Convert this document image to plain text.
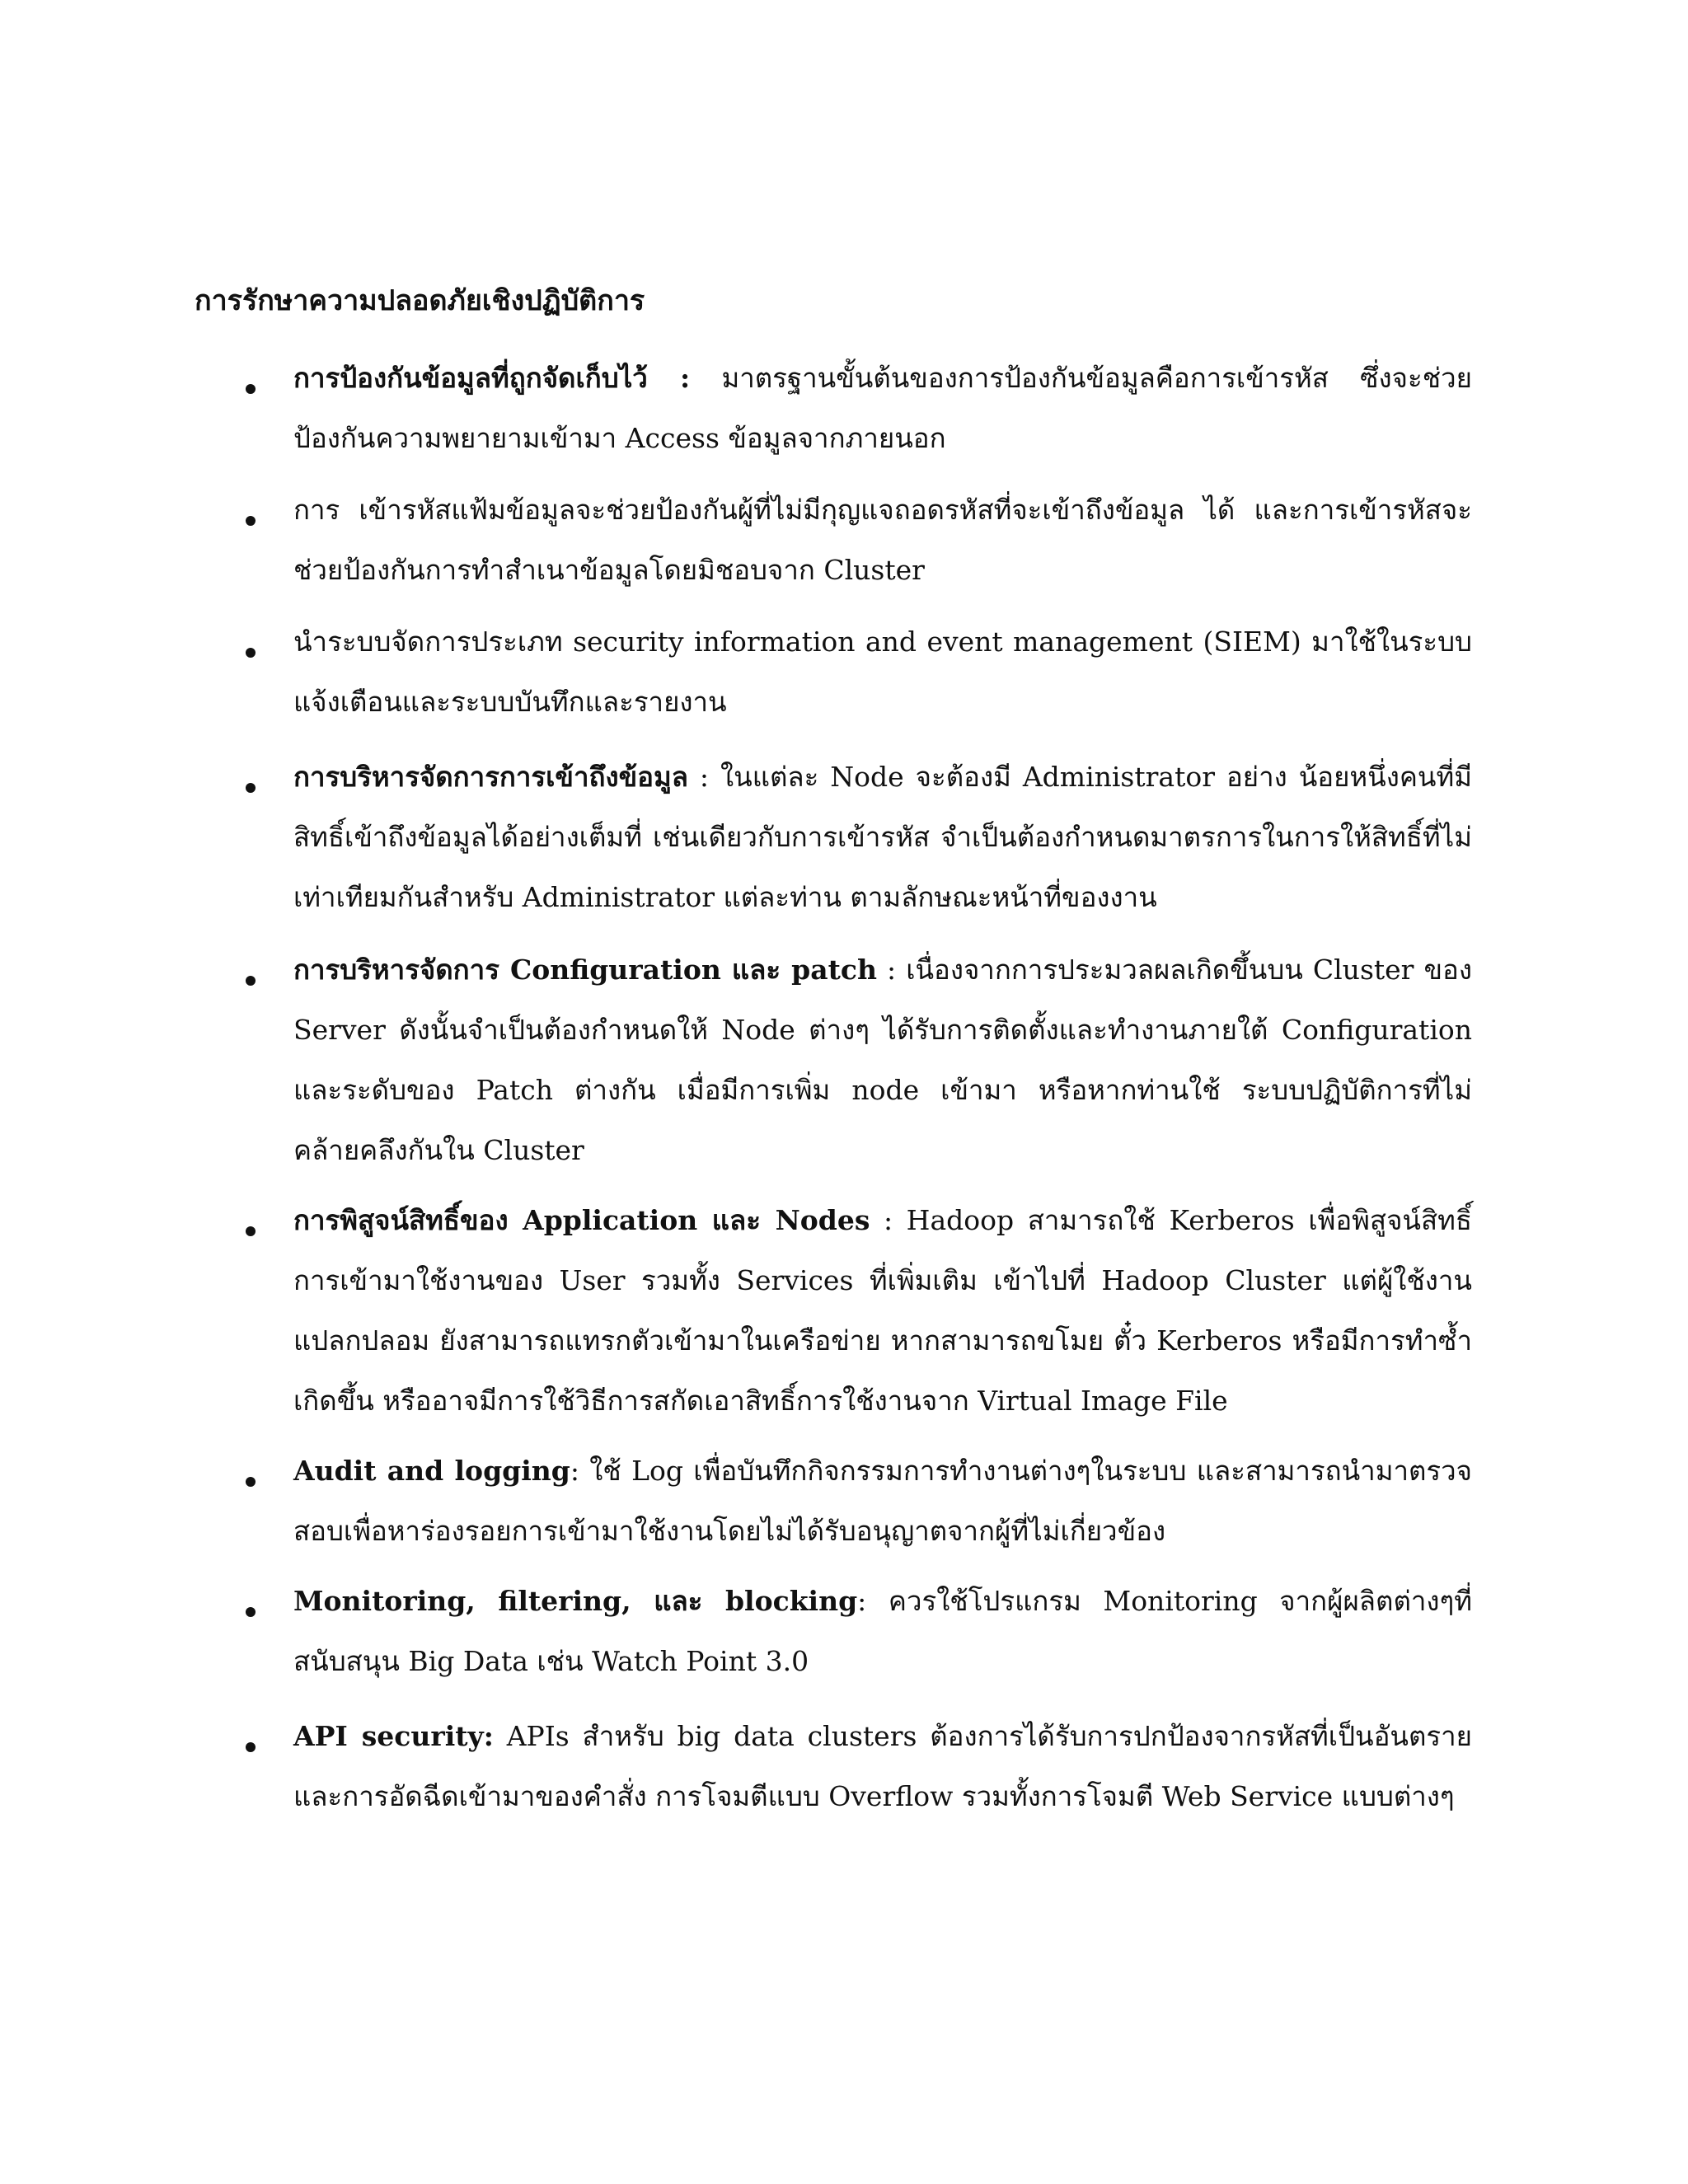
การรักษาความปลอดภัยเชิงปฏิบัติการ
การป้องกันข้อมูลที่ถูกจัดเก็บไว้ : มาตรฐานขั้นต้นของการป้องกันข้อมูลคือการเข้ารหัส ซึ่งจะช่วยป้องกันความพยายามเข้ามา Access ข้อมูลจากภายนอก
การ เข้ารหัสแฟ้มข้อมูลจะช่วยป้องกันผู้ที่ไม่มีกุญแจถอดรหัสที่จะเข้าถึงข้อมูล ได้ และการเข้ารหัสจะช่วยป้องกันการทำสำเนาข้อมูลโดยมิชอบจาก Cluster
นำระบบจัดการประเภท security information and event management (SIEM) มาใช้ในระบบแจ้งเตือนและระบบบันทึกและรายงาน
การบริหารจัดการการเข้าถึงข้อมูล : ในแต่ละ Node จะต้องมี Administrator อย่าง น้อยหนึ่งคนที่มีสิทธิ์เข้าถึงข้อมูลได้อย่างเต็มที่ เช่นเดียวกับการเข้ารหัส จำเป็นต้องกำหนดมาตรการในการให้สิทธิ์ที่ไม่เท่าเทียมกันสำหรับ Administrator แต่ละท่าน ตามลักษณะหน้าที่ของงาน
การบริหารจัดการ Configuration และ patch : เนื่องจากการประมวลผลเกิดขึ้นบน Cluster ของ Server ดังนั้นจำเป็นต้องกำหนดให้ Node ต่างๆ ได้รับการติดตั้งและทำงานภายใต้ Configuration และระดับของ Patch ต่างกัน เมื่อมีการเพิ่ม node เข้ามา หรือหากท่านใช้ ระบบปฏิบัติการที่ไม่คล้ายคลึงกันใน Cluster
การพิสูจน์สิทธิ์ของ Application และ Nodes : Hadoop สามารถใช้ Kerberos เพื่อพิสูจน์สิทธิ์การเข้ามาใช้งานของ User รวมทั้ง Services ที่เพิ่มเติม เข้าไปที่ Hadoop Cluster แต่ผู้ใช้งานแปลกปลอม ยังสามารถแทรกตัวเข้ามาในเครือข่าย หากสามารถขโมย ตั๋ว Kerberos หรือมีการทำซ้ำเกิดขึ้น หรืออาจมีการใช้วิธีการสกัดเอาสิทธิ์การใช้งานจาก Virtual Image File
Audit and logging: ใช้ Log เพื่อบันทึกกิจกรรมการทำงานต่างๆในระบบ และสามารถนำมาตรวจสอบเพื่อหาร่องรอยการเข้ามาใช้งานโดยไม่ได้รับอนุญาตจากผู้ที่ไม่เกี่ยวข้อง
Monitoring, filtering, และ blocking: ควรใช้โปรแกรม Monitoring จากผู้ผลิตต่างๆที่สนับสนุน Big Data เช่น Watch Point 3.0
API security: APIs สำหรับ big data clusters ต้องการได้รับการปกป้องจากรหัสที่เป็นอันตราย และการอัดฉีดเข้ามาของคำสั่ง การโจมตีแบบ Overflow รวมทั้งการโจมตี Web Service แบบต่างๆ
